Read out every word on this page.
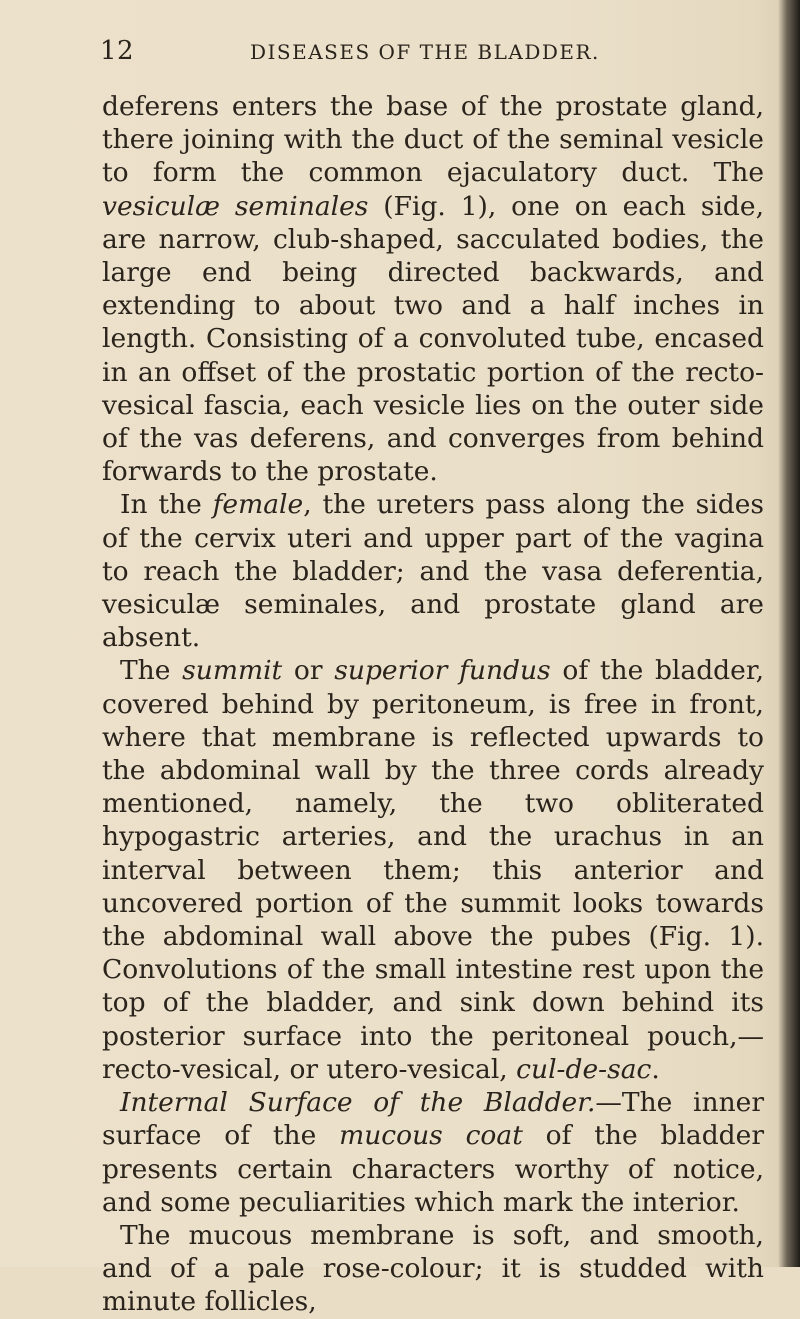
12	DISEASES OF THE BLADDER.

deferens enters the base of the prostate gland, there joining with the duct of the seminal vesicle to form the common ejaculatory duct. The vesiculæ seminales (Fig. 1), one on each side, are narrow, club-shaped, sacculated bodies, the large end being directed backwards, and extending to about two and a half inches in length. Consisting of a convoluted tube, encased in an offset of the prostatic portion of the recto-vesical fascia, each vesicle lies on the outer side of the vas deferens, and converges from behind forwards to the prostate.

In the female, the ureters pass along the sides of the cervix uteri and upper part of the vagina to reach the bladder; and the vasa deferentia, vesiculæ seminales, and prostate gland are absent.

The summit or superior fundus of the bladder, covered behind by peritoneum, is free in front, where that membrane is reflected upwards to the abdominal wall by the three cords already mentioned, namely, the two obliterated hypogastric arteries, and the urachus in an interval between them; this anterior and uncovered portion of the summit looks towards the abdominal wall above the pubes (Fig. 1). Convolutions of the small intestine rest upon the top of the bladder, and sink down behind its posterior surface into the peritoneal pouch,—recto-vesical, or utero-vesical, cul-de-sac.

Internal Surface of the Bladder.—The inner surface of the mucous coat of the bladder presents certain characters worthy of notice, and some peculiarities which mark the interior.

The mucous membrane is soft, and smooth, and of a pale rose-colour; it is studded with minute follicles,
